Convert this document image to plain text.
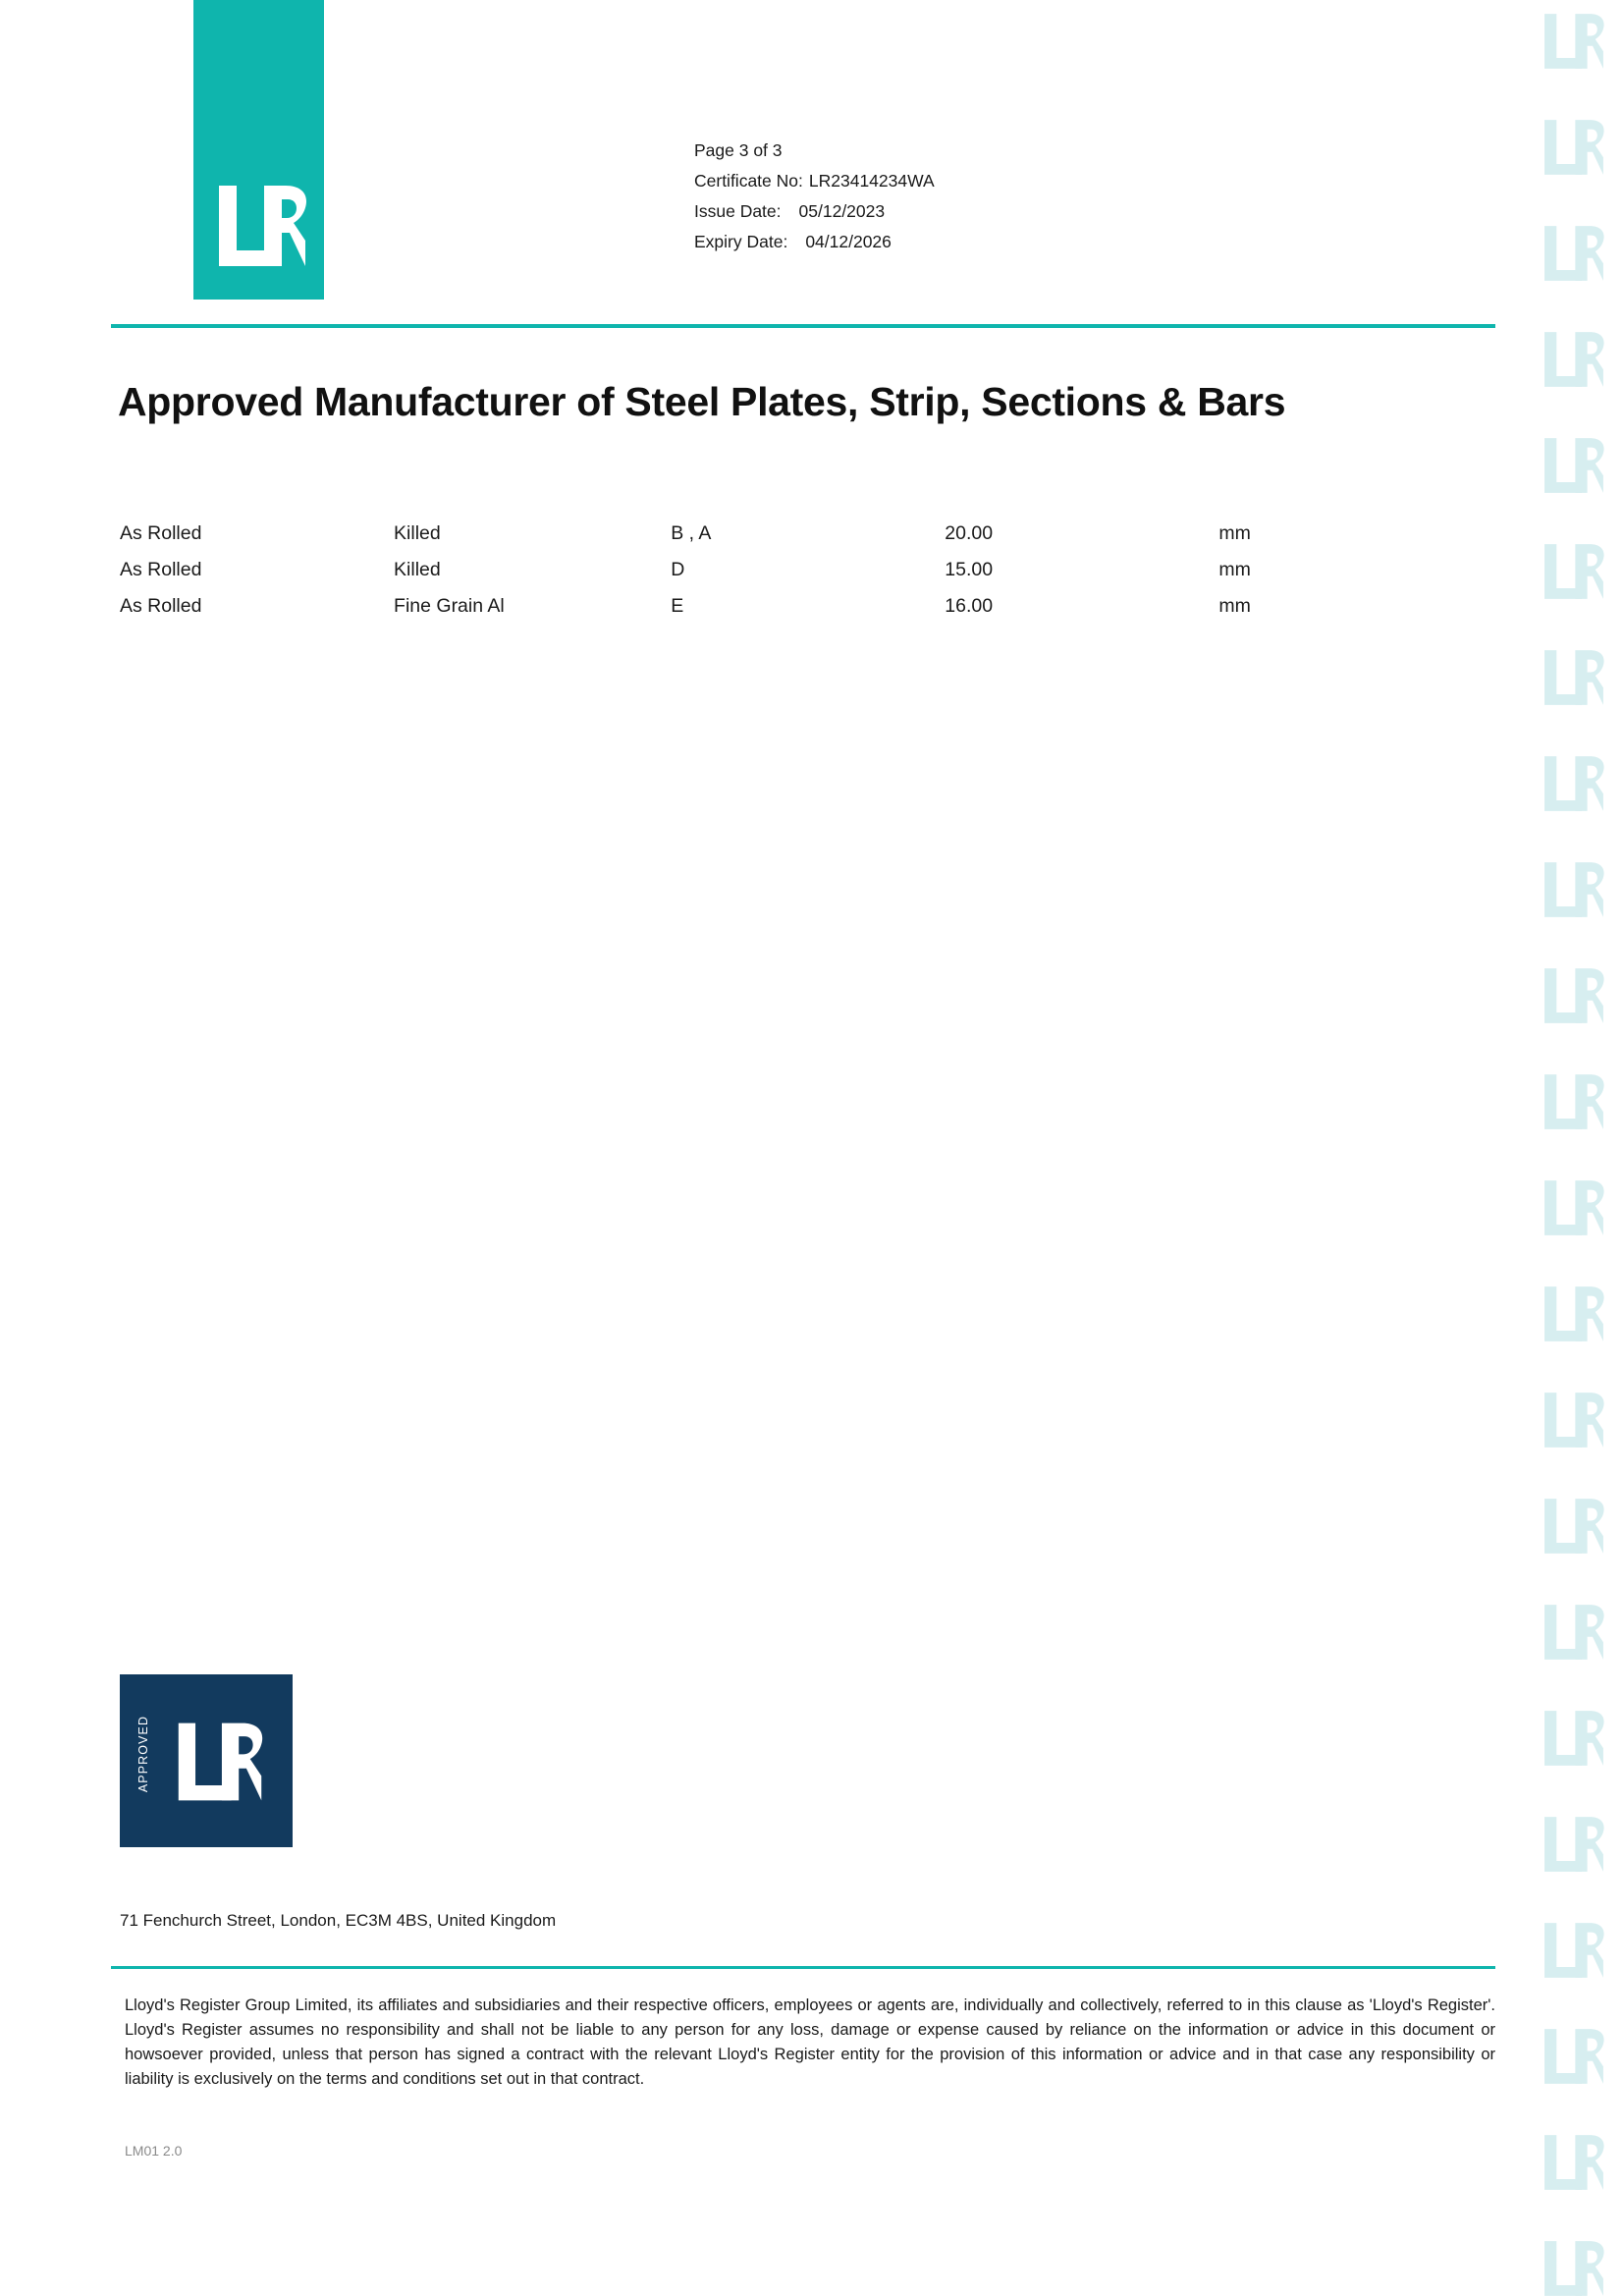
Page 3 of 3
Certificate No: LR23414234WA
Issue Date: 05/12/2023
Expiry Date: 04/12/2026
Approved Manufacturer of Steel Plates, Strip, Sections & Bars
As Rolled	Killed	B , A	20.00	mm
As Rolled	Killed	D	15.00	mm
As Rolled	Fine Grain Al	E	16.00	mm
APPROVED
71 Fenchurch Street, London, EC3M 4BS, United Kingdom
Lloyd's Register Group Limited, its affiliates and subsidiaries and their respective officers, employees or agents are, individually and collectively, referred to in this clause as 'Lloyd's Register'. Lloyd's Register assumes no responsibility and shall not be liable to any person for any loss, damage or expense caused by reliance on the information or advice in this document or howsoever provided, unless that person has signed a contract with the relevant Lloyd's Register entity for the provision of this information or advice and in that case any responsibility or liability is exclusively on the terms and conditions set out in that contract.
LM01 2.0
